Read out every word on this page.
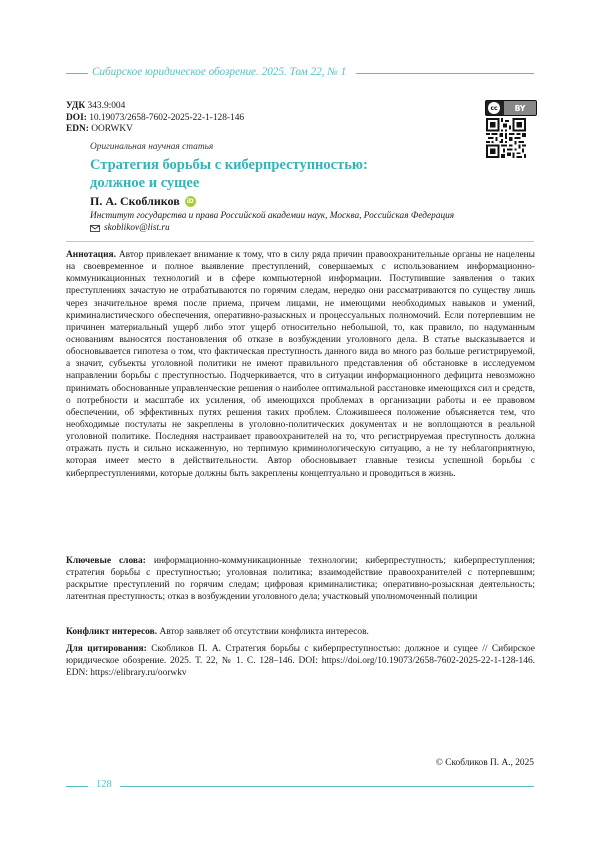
Сибирское юридическое обозрение. 2025. Том 22, № 1
УДК 343.9:004
DOI: 10.19073/2658-7602-2025-22-1-128-146
EDN: OORWKV
cc	BY
Оригинальная научная статья
Стратегия борьбы с киберпреступностью:
должное и сущее
П. А. Скобликов	iD
Институт государства и права Российской академии наук, Москва, Российская Федерация
skoblikov@list.ru
Аннотация. Автор привлекает внимание к тому, что в силу ряда причин правоохранительные органы не нацелены на своевременное и полное выявление преступлений, совершаемых с использованием информационно-коммуникационных технологий и в сфере компьютерной информации. Поступившие заявления о таких преступлениях зачастую не отрабатываются по горячим следам, нередко они рассматриваются по существу лишь через значительное время после приема, причем лицами, не имеющими необходимых навыков и умений, криминалистического обеспечения, оперативно-разыскных и процессуальных полномочий. Если потерпевшим не причинен материальный ущерб либо этот ущерб относительно небольшой, то, как правило, по надуманным основаниям выносятся постановления об отказе в возбуждении уголовного дела. В статье высказывается и обосновывается гипотеза о том, что фактическая преступность данного вида во много раз больше регистрируемой, а значит, субъекты уголовной политики не имеют правильного представления об обстановке в исследуемом направлении борьбы с преступностью. Подчеркивается, что в ситуации информационного дефицита невозможно принимать обоснованные управленческие решения о наиболее оптимальной расстановке имеющихся сил и средств, о потребности и масштабе их усиления, об имеющихся проблемах в организации работы и ее правовом обеспечении, об эффективных путях решения таких проблем. Сложившееся положение объясняется тем, что необходимые постулаты не закреплены в уголовно-политических документах и не воплощаются в реальной уголовной политике. Последняя настраивает правоохранителей на то, что регистрируемая преступность должна отражать пусть и сильно искаженную, но терпимую криминологическую ситуацию, а не ту неблагоприятную, которая имеет место в действительности. Автор обосновывает главные тезисы успешной борьбы с киберпреступлениями, которые должны быть закреплены концептуально и проводиться в жизнь.
Ключевые слова: информационно-коммуникационные технологии; киберпреступность; киберпреступления; стратегия борьбы с преступностью; уголовная политика; взаимодействие правоохранителей с потерпевшим; раскрытие преступлений по горячим следам; цифровая криминалистика; оперативно-розыскная деятельность; латентная преступность; отказ в возбуждении уголовного дела; участковый уполномоченный полиции
Конфликт интересов. Автор заявляет об отсутствии конфликта интересов.
Для цитирования: Скобликов П. А. Стратегия борьбы с киберпреступностью: должное и сущее // Сибирское юридическое обозрение. 2025. Т. 22, № 1. С. 128–146. DOI: https://doi.org/10.19073/2658-7602-2025-22-1-128-146. EDN: https://elibrary.ru/oorwkv
© Скобликов П. А., 2025
128
